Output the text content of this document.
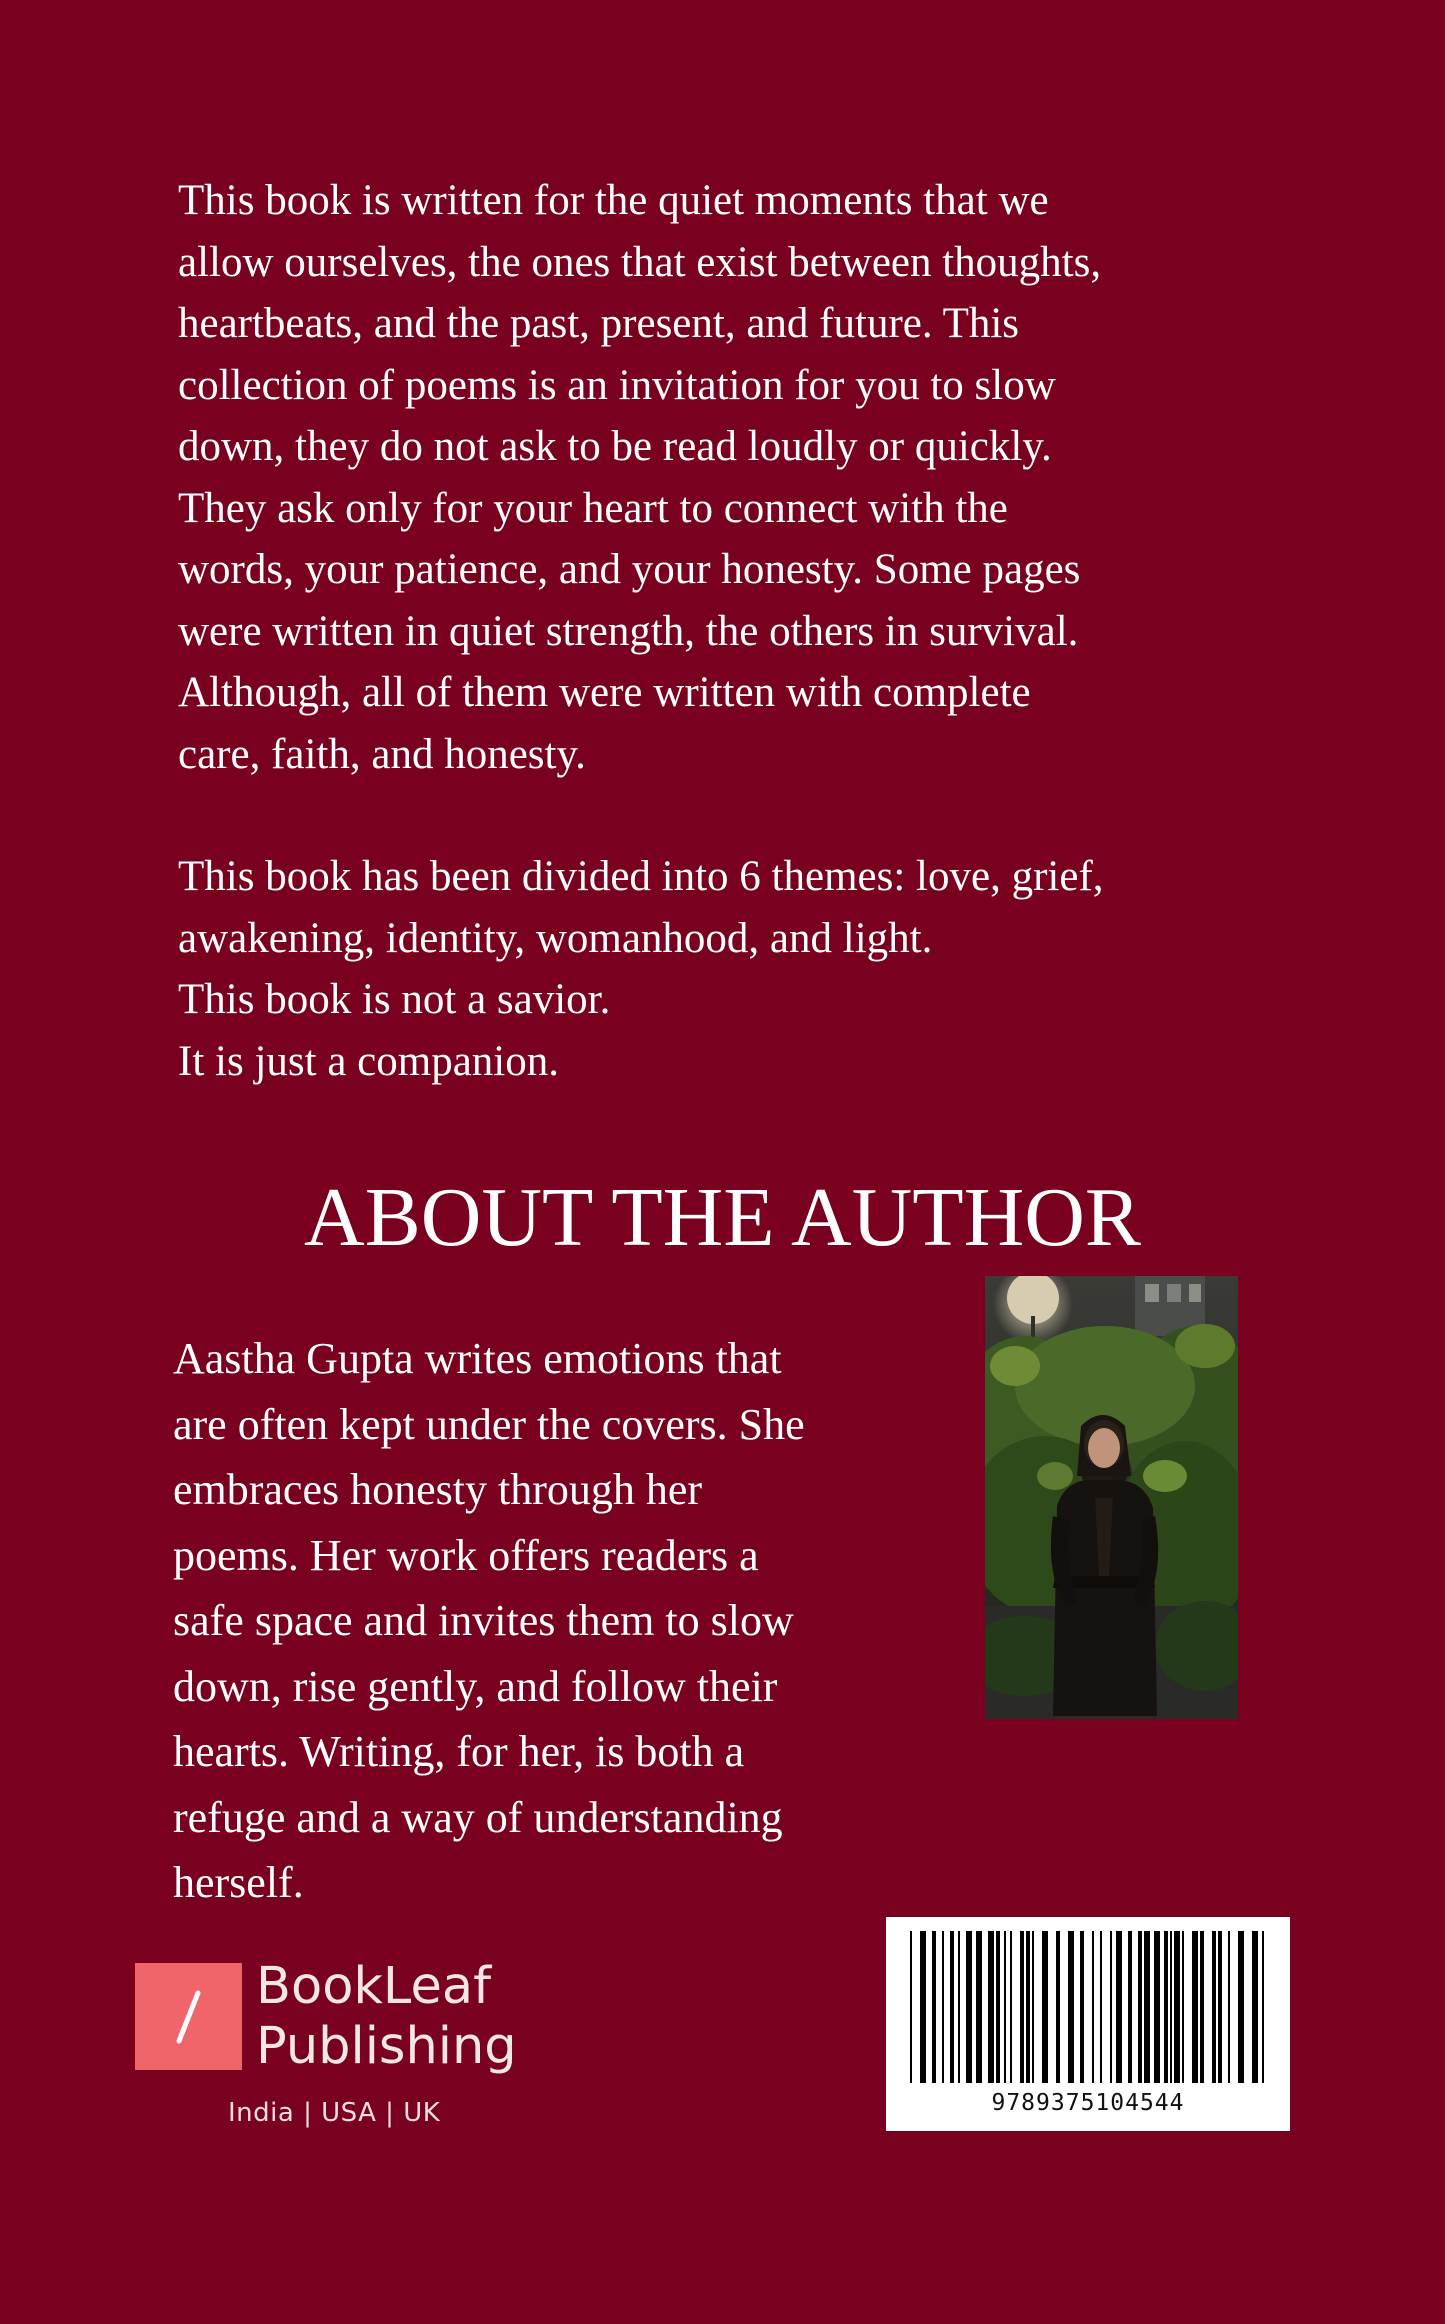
This book is written for the quiet moments that we

allow ourselves, the ones that exist between thoughts,

heartbeats, and the past, present, and future. This

collection of poems is an invitation for you to slow

down, they do not ask to be read loudly or quickly.

They ask only for your heart to connect with the

words, your patience, and your honesty. Some pages

were written in quiet strength, the others in survival.

Although, all of them were written with complete

care, faith, and honesty.

This book has been divided into 6 themes: love, grief,

awakening, identity, womanhood, and light.

This book is not a savior.

It is just a companion.

ABOUT THE AUTHOR
Aastha Gupta writes emotions that
are often kept under the covers. She
embraces honesty through her
poems. Her work offers readers a
safe space and invites them to slow
down, rise gently, and follow their
hearts. Writing, for her, is both a
refuge and a way of understanding
herself.
BookLeaf
Publishing
India | USA | UK	9789375104544
